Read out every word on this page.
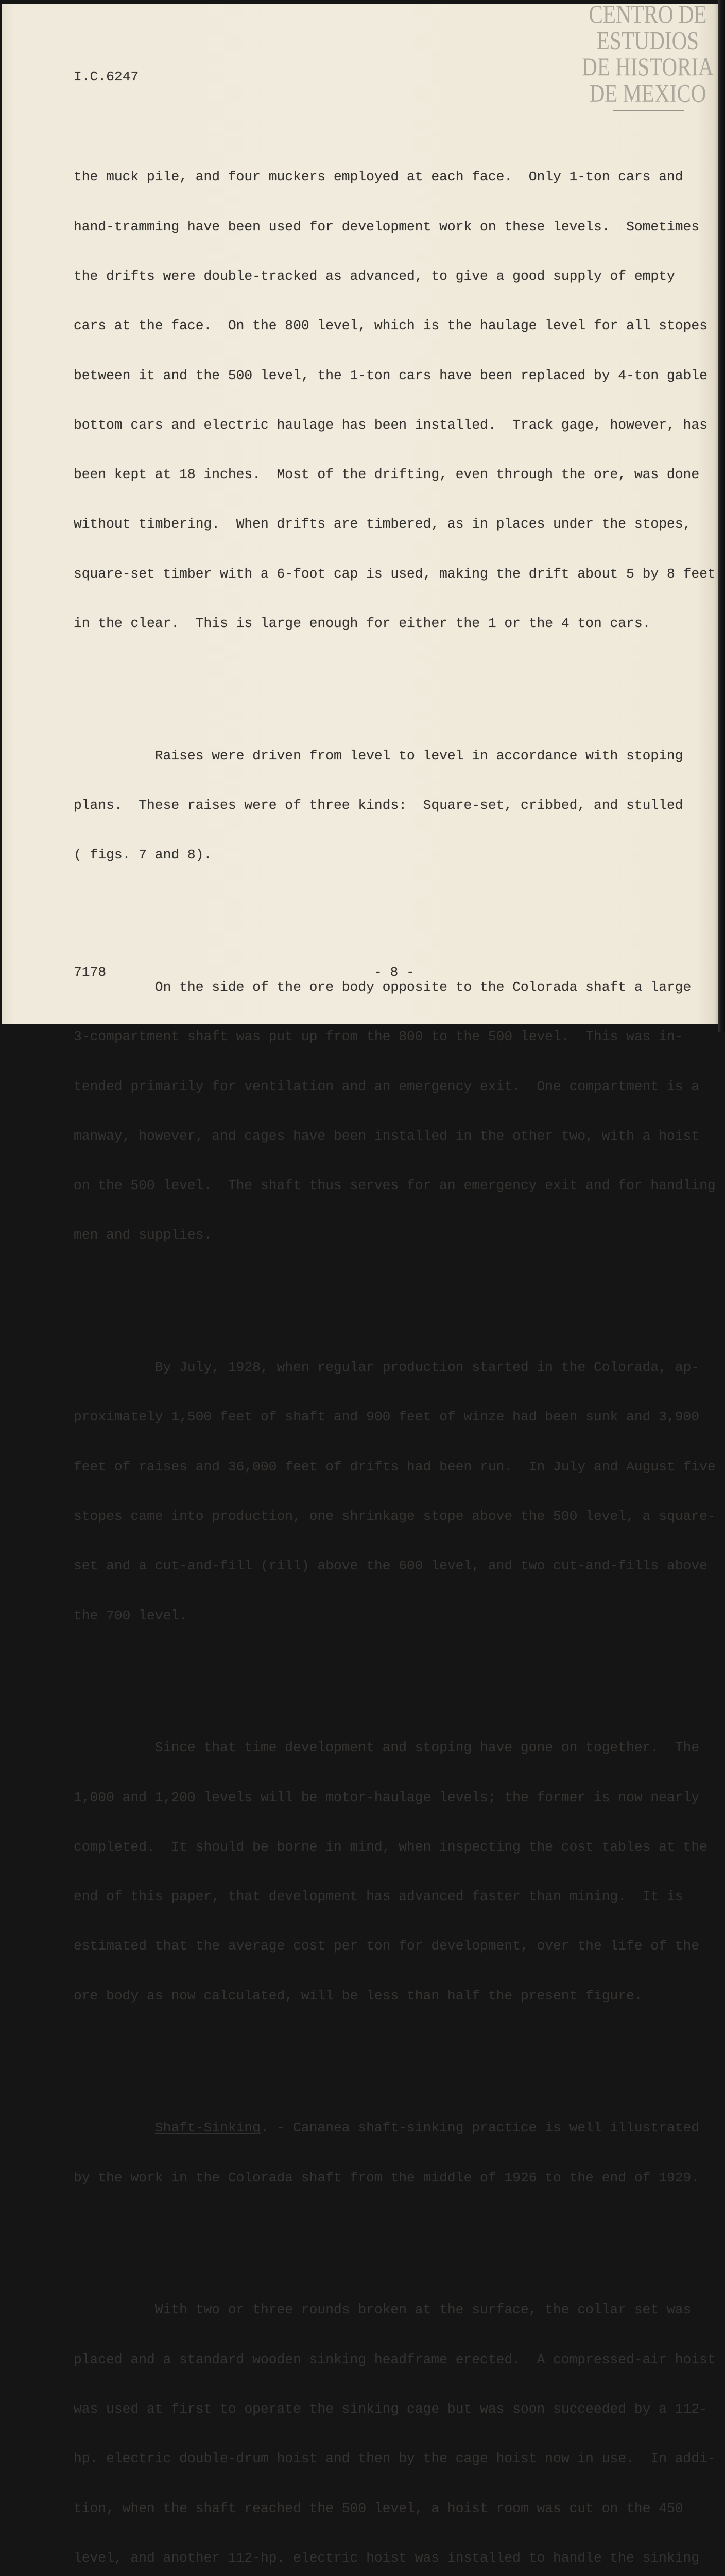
CENTRO DE
ESTUDIOS
DE HISTORIA
DE MEXICO
I.C.6247

the muck pile, and four muckers employed at each face.  Only 1-ton cars and

hand-tramming have been used for development work on these levels.  Sometimes

the drifts were double-tracked as advanced, to give a good supply of empty

cars at the face.  On the 800 level, which is the haulage level for all stopes

between it and the 500 level, the 1-ton cars have been replaced by 4-ton gable

bottom cars and electric haulage has been installed.  Track gage, however, has

been kept at 18 inches.  Most of the drifting, even through the ore, was done

without timbering.  When drifts are timbered, as in places under the stopes,

square-set timber with a 6-foot cap is used, making the drift about 5 by 8 feet

in the clear.  This is large enough for either the 1 or the 4 ton cars.

Raises were driven from level to level in accordance with stoping

plans.  These raises were of three kinds:  Square-set, cribbed, and stulled

( figs. 7 and 8).

On the side of the ore body opposite to the Colorada shaft a large

3-compartment shaft was put up from the 800 to the 500 level.  This was in-

tended primarily for ventilation and an emergency exit.  One compartment is a

manway, however, and cages have been installed in the other two, with a hoist

on the 500 level.  The shaft thus serves for an emergency exit and for handling

men and supplies.

By July, 1928, when regular production started in the Colorada, ap-

proximately 1,500 feet of shaft and 900 feet of winze had been sunk and 3,900

feet of raises and 36,000 feet of drifts had been run.  In July and August five

stopes came into production, one shrinkage stope above the 500 level, a square-

set and a cut-and-fill (rill) above the 600 level, and two cut-and-fills above

the 700 level.

Since that time development and stoping have gone on together.  The

1,000 and 1,200 levels will be motor-haulage levels; the former is now nearly

completed.  It should be borne in mind, when inspecting the cost tables at the

end of this paper, that development has advanced faster than mining.  It is

estimated that the average cost per ton for development, over the life of the

ore body as now calculated, will be less than half the present figure.

Shaft-Sinking. - Cananea shaft-sinking practice is well illustrated

by the work in the Colorada shaft from the middle of 1926 to the end of 1929.

With two or three rounds broken at the surface, the collar set was

placed and a standard wooden sinking headframe erected.  A compressed-air hoist

was used at first to operate the sinking cage but was soon succeeded by a 112-

hp. electric double-drum hoist and then by the cage hoist now in use.  In addi-

tion, when the shaft reached the 500 level, a hoist room was cut on the 450

level, and another 112-hp. electric hoist was installed to handle the sinking

7178	- 8 -
